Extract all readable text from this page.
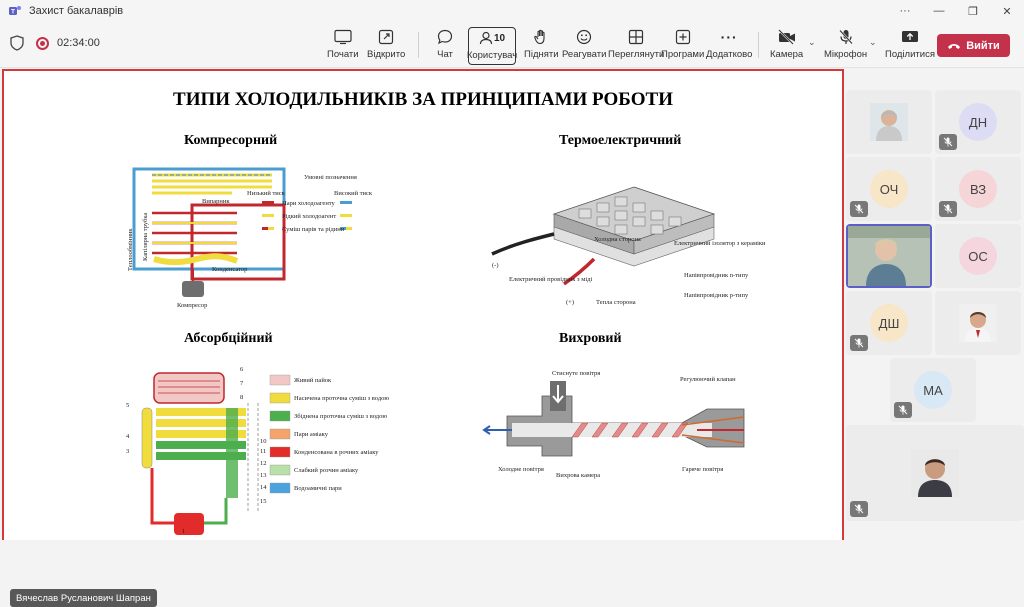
T Захист бакалаврів	···	—	❐	✕
02:34:00
Почати Відкрито	Чат
10
Користувач Підняти Реагувати Переглянути
Програми
···
Додатково Камера
⌄
Мікрофон
⌄
Поділитися
Вийти
ТИПИ ХОЛОДИЛЬНИКІВ ЗА ПРИНЦИПАМИ РОБОТИ
Компресорний
Випарник
Конденсатор
Компресор
Капілярна трубка
Теплообмінник
Умовні позначення
Низький тиск	Високий тиск
Пари холодоагенту
Рідкий холодоагент
Суміш парів та рідини
Термоелектричний
Холодна сторона
Електричний ізолятор з кераміки
(-)
Електричний провідник з міді
Напівпровідник n-типу
Напівпровідник p-типу
(+)	Тепла сторона
Абсорбційний
6
7
8
5
4
3
10
11
12
13
14
15
1
Живий пайок
Насичена проточна суміш з водою
Збіднена проточна суміш з водою
Пари аміаку
Конденсована в рочних аміаку
Слабкий розчин аміаку
Водоамичні пари
Вихровий
Стиснуте повітря
Регулюючий клапан
Холодне повітря
Вихрова камера
Гаряче повітря
Вячеслав Русланович Шапран
ДН
ОЧ	ВЗ
ОС
ДШ
МА
